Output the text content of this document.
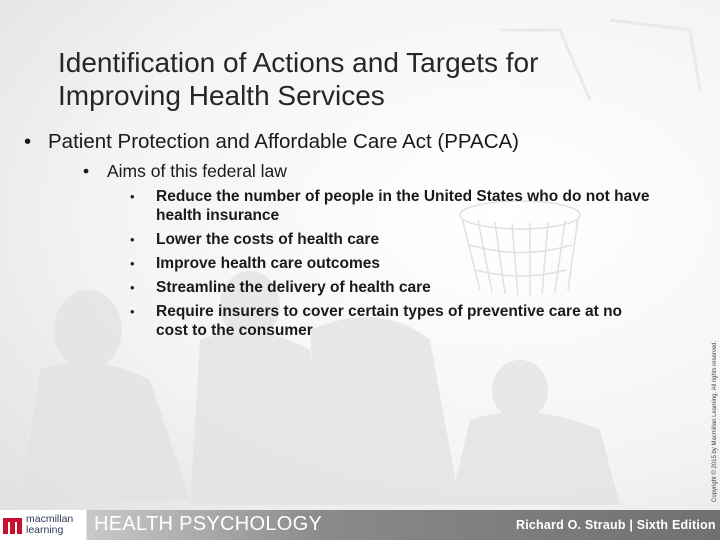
Identification of Actions and Targets for Improving Health Services
• Patient Protection and Affordable Care Act (PPACA)
•	Aims of this federal law
•	Reduce the number of people in the United States who do not have health insurance
•	Lower the costs of health care
•	Improve health care outcomes
•	Streamline the delivery of health care
•	Require insurers to cover certain types of preventive care at no cost to the consumer
Copyright © 2015 by Macmillan Learning. All rights reserved.
macmillan
learning	HEALTH PSYCHOLOGY	Richard O. Straub | Sixth Edition
